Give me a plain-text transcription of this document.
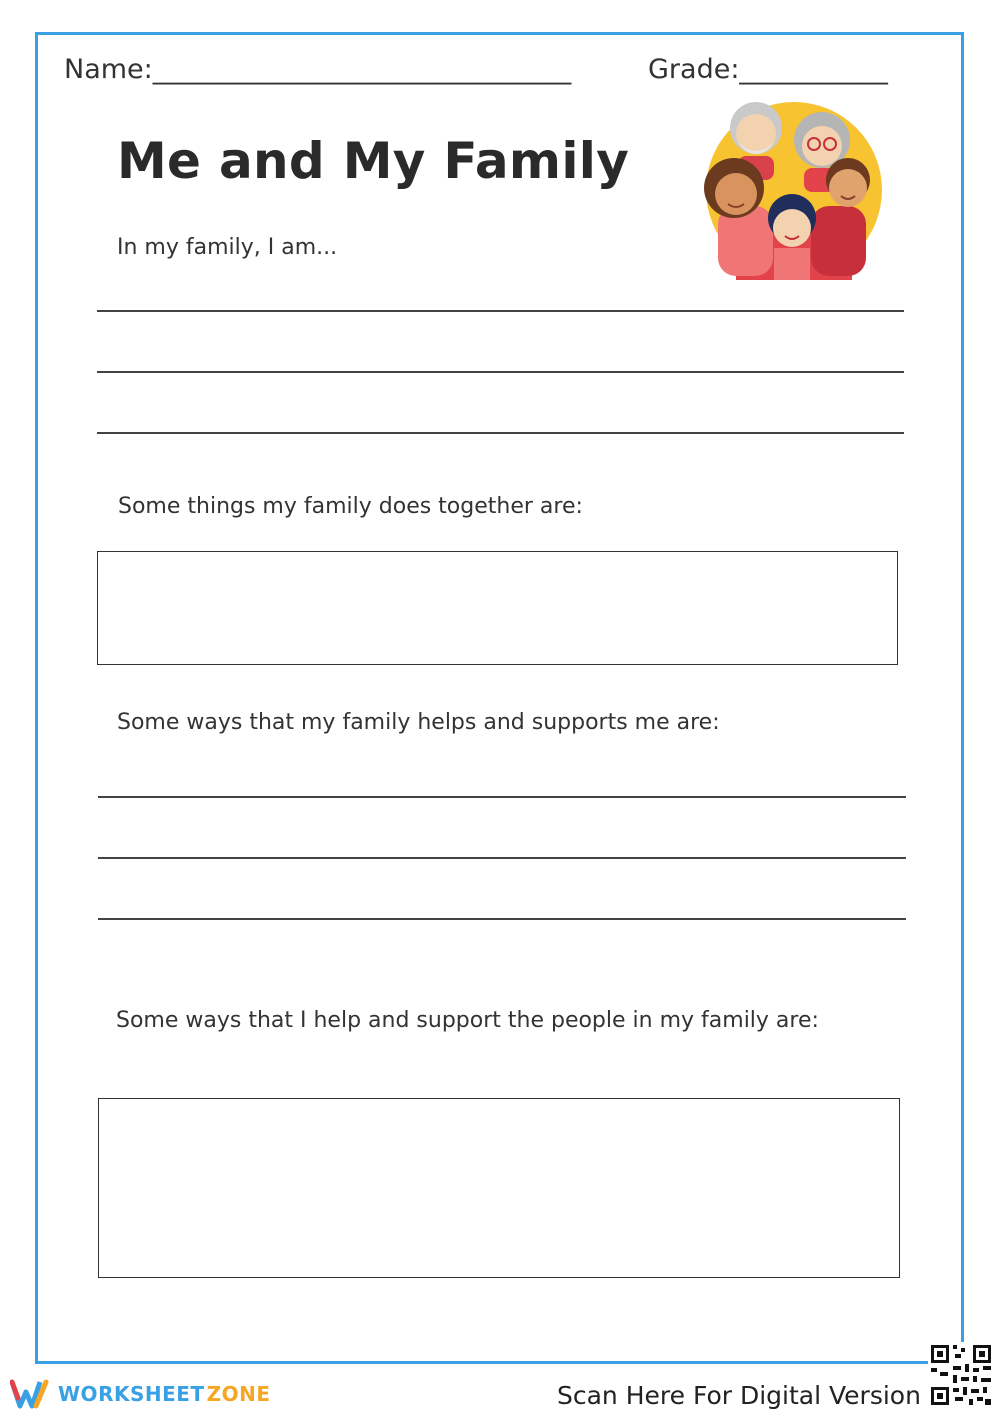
Name:_______________________________	Grade:___________
Me and My Family
In my family, I am...
Some things my family does together are:
Some ways that my family helps and supports me are:
Some ways that I help and support the people in my family are:
WORKSHEET ZONE	Scan Here For Digital Version
